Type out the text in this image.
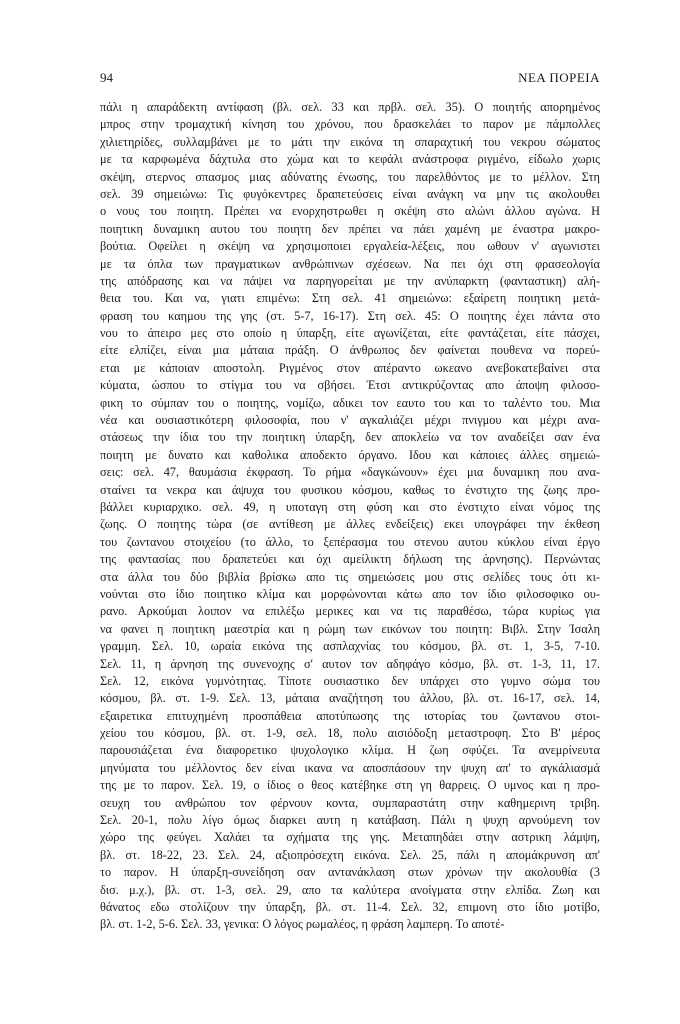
94	ΝΕΑ ΠΟΡΕΙΑ
πάλι η απαράδεκτη αντίφαση (βλ. σελ. 33 και πρβλ. σελ. 35). Ο ποιητής απορημένος
μπρος στην τρομαχτική κίνηση του χρόνου, που δρασκελάει το παρον με πάμπολλες
χιλιετηρίδες, συλλαμβάνει με το μάτι την εικόνα τη σπαραχτική του νεκρου σώματος
με τα καρφωμένα δάχτυλα στο χώμα και το κεφάλι ανάστροφα ριγμένο, είδωλο χωρις
σκέψη, στερνος σπασμος μιας αδύνατης ένωσης, του παρελθόντος με το μέλλον. Στη
σελ. 39 σημειώνω: Τις φυγόκεντρες δραπετεύσεις είναι ανάγκη να μην τις ακολουθει
ο νους του ποιητη. Πρέπει να ενορχηστρωθει η σκέψη στο αλώνι άλλου αγώνα. Η
ποιητικη δυναμικη αυτου του ποιητη δεν πρέπει να πάει χαμένη με έναστρα μακρο-
βούτια. Οφείλει η σκέψη να χρησιμοποιει εργαλεία-λέξεις, που ωθουν ν' αγωνιστει
με τα όπλα των πραγματικων ανθρώπινων σχέσεων. Να πει όχι στη φρασεολογία
της απόδρασης και να πάψει να παρηγορείται με την ανύπαρκτη (φανταστικη) αλή-
θεια του. Και να, γιατι επιμένω: Στη σελ. 41 σημειώνω: εξαίρετη ποιητικη μετά-
φραση του καημου της γης (στ. 5-7, 16-17). Στη σελ. 45: Ο ποιητης έχει πάντα στο
νου το άπειρο μες στο οποίο η ύπαρξη, είτε αγωνίζεται, είτε φαντάζεται, είτε πάσχει,
είτε ελπίζει, είναι μια μάταια πράξη. Ο άνθρωπος δεν φαίνεται πουθενα να πορεύ-
εται με κάποιαν αποστολη. Ριγμένος στον απέραντο ωκεανο ανεβοκατεβαίνει στα
κύματα, ώσπου το στίγμα του να σβήσει. Έτσι αντικρύζοντας απο άποψη φιλοσο-
φικη το σύμπαν του ο ποιητης, νομίζω, αδικει τον εαυτο του και το ταλέντο του. Μια
νέα και ουσιαστικότερη φιλοσοφία, που ν' αγκαλιάζει μέχρι πνιγμου και μέχρι ανα-
στάσεως την ίδια του την ποιητικη ύπαρξη, δεν αποκλείω να τον αναδείξει σαν ένα
ποιητη με δυνατο και καθολικα αποδεκτο όργανο. Ιδου και κάποιες άλλες σημειώ-
σεις: σελ. 47, θαυμάσια έκφραση. Το ρήμα «δαγκώνουν» έχει μια δυναμικη που ανα-
σταίνει τα νεκρα και άψυχα του φυσικου κόσμου, καθως το ένστιχτο της ζωης προ-
βάλλει κυριαρχικο. σελ. 49, η υποταγη στη φύση και στο ένστιχτο είναι νόμος της
ζωης. Ο ποιητης τώρα (σε αντίθεση με άλλες ενδείξεις) εκει υπογράφει την έκθεση
του ζωντανου στοιχείου (το άλλο, το ξεπέρασμα του στενου αυτου κύκλου είναι έργο
της φαντασίας που δραπετεύει και όχι αμείλικτη δήλωση της άρνησης). Περνώντας
στα άλλα του δύο βιβλία βρίσκω απο τις σημειώσεις μου στις σελίδες τους ότι κι-
νούνται στο ίδιο ποιητικο κλίμα και μορφώνονται κάτω απο τον ίδιο φιλοσοφικο ου-
ρανο. Αρκούμαι λοιπον να επιλέξω μερικες και να τις παραθέσω, τώρα κυρίως για
να φανει η ποιητικη μαεστρία και η ρώμη των εικόνων του ποιητη: Βιβλ. Στην Ίσαλη
γραμμη. Σελ. 10, ωραία εικόνα της ασπλαχνίας του κόσμου, βλ. στ. 1, 3-5, 7-10.
Σελ. 11, η άρνηση της συνενοχης σ' αυτον τον αδηφάγο κόσμο, βλ. στ. 1-3, 11, 17.
Σελ. 12, εικόνα γυμνότητας. Τίποτε ουσιαστικο δεν υπάρχει στο γυμνο σώμα του
κόσμου, βλ. στ. 1-9. Σελ. 13, μάταια αναζήτηση του άλλου, βλ. στ. 16-17, σελ. 14,
εξαιρετικα επιτυχημένη προσπάθεια αποτύπωσης της ιστορίας του ζωντανου στοι-
χείου του κόσμου, βλ. στ. 1-9, σελ. 18, πολυ αισιόδοξη μεταστροφη. Στο Β' μέρος
παρουσιάζεται ένα διαφορετικο ψυχολογικο κλίμα. Η ζωη σφύζει. Τα ανεμρίνευτα
μηνύματα του μέλλοντος δεν είναι ικανα να αποσπάσουν την ψυχη απ' το αγκάλιασμά
της με το παρον. Σελ. 19, ο ίδιος ο θεος κατέβηκε στη γη θαρρεις. Ο υμνος και η προ-
σευχη του ανθρώπου τον φέρνουν κοντα, συμπαραστάτη στην καθημερινη τριβη.
Σελ. 20-1, πολυ λίγο όμως διαρκει αυτη η κατάβαση. Πάλι η ψυχη αρνούμενη τον
χώρο της φεύγει. Χαλάει τα σχήματα της γης. Μεταπηδάει στην αστρικη λάμψη,
βλ. στ. 18-22, 23. Σελ. 24, αξιοπρόσεχτη εικόνα. Σελ. 25, πάλι η απομάκρυνση απ'
το παρον. Η ύπαρξη-συνείδηση σαν αντανάκλαση στων χρόνων την ακολουθία (3
δισ. μ.χ.), βλ. στ. 1-3, σελ. 29, απο τα καλύτερα ανοίγματα στην ελπίδα. Ζωη και
θάνατος εδω στολίζουν την ύπαρξη, βλ. στ. 11-4. Σελ. 32, επιμονη στο ίδιο μοτίβο,
βλ. στ. 1-2, 5-6. Σελ. 33, γενικα: Ο λόγος ρωμαλέος, η φράση λαμπερη. Το αποτέ-
